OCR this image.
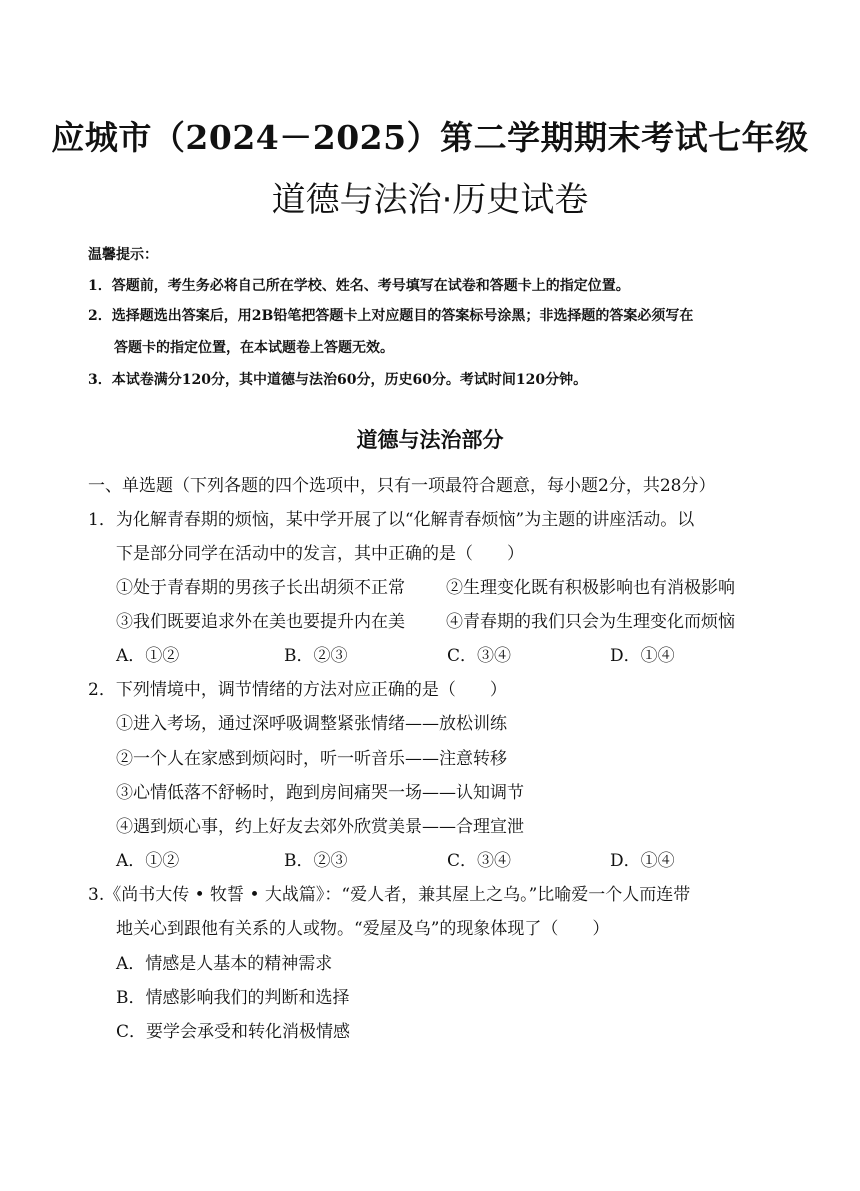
应城市（2024－2025）第二学期期末考试七年级
道德与法治·历史试卷
温馨提示：
1．答题前，考生务必将自己所在学校、姓名、考号填写在试卷和答题卡上的指定位置。
2．选择题选出答案后，用2B铅笔把答题卡上对应题目的答案标号涂黑；非选择题的答案必须写在
答题卡的指定位置，在本试题卷上答题无效。
3．本试卷满分120分，其中道德与法治60分，历史60分。考试时间120分钟。
道德与法治部分
一、单选题（下列各题的四个选项中，只有一项最符合题意，每小题2分，共28分）
1．为化解青春期的烦恼，某中学开展了以“化解青春烦恼”为主题的讲座活动。以
下是部分同学在活动中的发言，其中正确的是（　　）
①处于青春期的男孩子长出胡须不正常 ②生理变化既有积极影响也有消极影响
③我们既要追求外在美也要提升内在美 ④青春期的我们只会为生理变化而烦恼
A．①②	B．②③	C．③④	D．①④
2．下列情境中，调节情绪的方法对应正确的是（　　）
①进入考场，通过深呼吸调整紧张情绪——放松训练
②一个人在家感到烦闷时，听一听音乐——注意转移
③心情低落不舒畅时，跑到房间痛哭一场——认知调节
④遇到烦心事，约上好友去郊外欣赏美景——合理宣泄
A．①②	B．②③	C．③④	D．①④
3.《尚书大传 • 牧誓 • 大战篇》：“爱人者，兼其屋上之乌。”比喻爱一个人而连带
地关心到跟他有关系的人或物。“爱屋及乌”的现象体现了（　　）
A．情感是人基本的精神需求
B．情感影响我们的判断和选择
C．要学会承受和转化消极情感
